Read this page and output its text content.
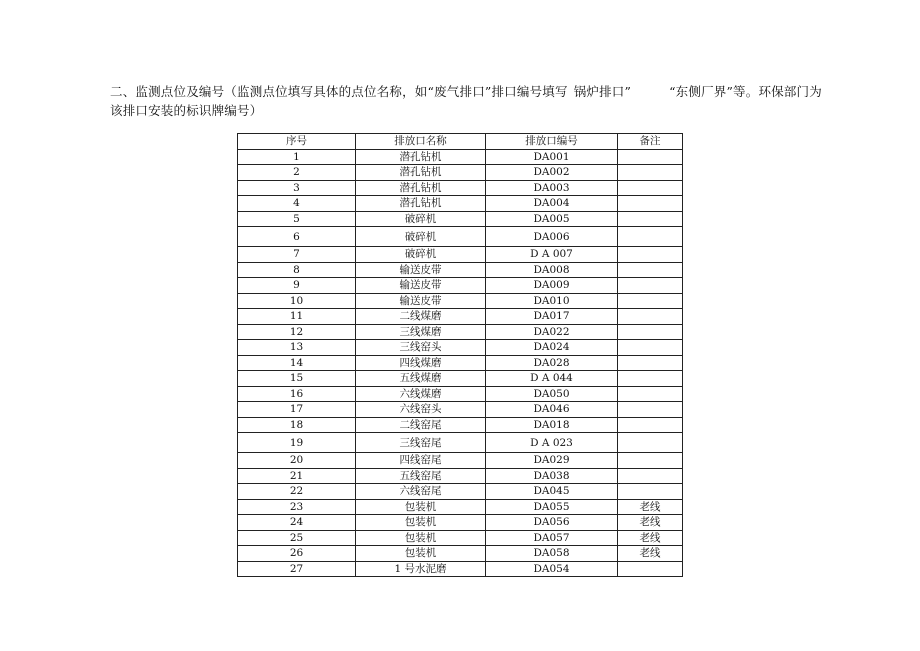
二、监测点位及编号（监测点位填写具体的点位名称，如“废气排口”排口编号填写 锅炉排口”	“东侧厂界”等。环保部门为该排口安装的标识牌编号）
序号	排放口名称	排放口编号	备注
1	潜孔钻机	DA001	
2	潜孔钻机	DA002	
3	潜孔钻机	DA003	
4	潜孔钻机	DA004	
5	破碎机	DA005	
6	破碎机	DA006	
7	破碎机	D A 007	
8	输送皮带	DA008	
9	输送皮带	DA009	
10	输送皮带	DA010	
11	二线煤磨	DA017	
12	三线煤磨	DA022	
13	三线窑头	DA024	
14	四线煤磨	DA028	
15	五线煤磨	D A 044	
16	六线煤磨	DA050	
17	六线窑头	DA046	
18	二线窑尾	DA018	
19	三线窑尾	D A 023	
20	四线窑尾	DA029	
21	五线窑尾	DA038	
22	六线窑尾	DA045	
23	包装机	DA055	老线
24	包装机	DA056	老线
25	包装机	DA057	老线
26	包装机	DA058	老线
27	1 号水泥磨	DA054	
